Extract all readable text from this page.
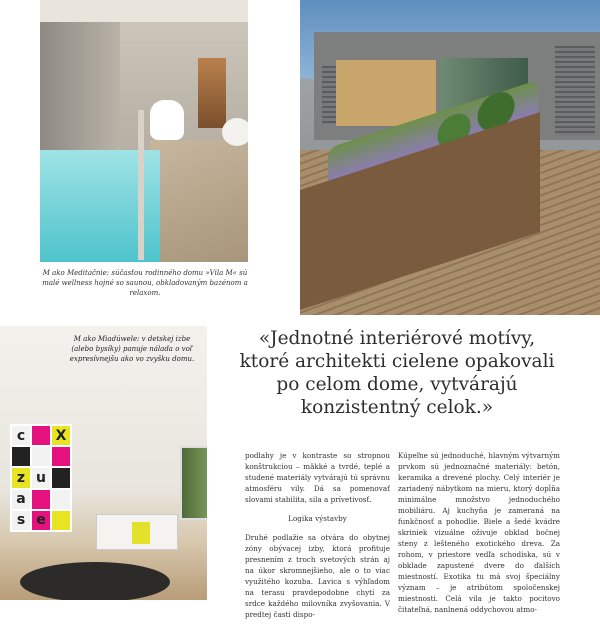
c	X
z u
a
s e
M ako Meditačnie: súčasťou rodinného domu »Vila M« sú malé wellness hojné so saunou, obkladovaným bazénom a relaxom.
M ako Miadúwele: v detskej izbe (alebo bysíky) panuje nálada o voľ expresívnejšu ako vo zvyšku domu.

«Jednotné interiérové motívy, ktoré architekti cielene opakovali po celom dome, vytvárajú konzistentný celok.»

podlahy je v kontraste so stropnou konštrukciou – mäkké a tvrdé, teplé a studené materiály vytvárajú tú správnu atmosféru vily. Dá sa pomenovať slovami stabilita, sila a prívetivosť.

Logika výstavby

Druhé podlažie sa otvára do obytnej zóny obývacej izby, ktorá profituje presnením z troch svetových strán aj na úkor skromnejšieho, ale o to viac využitého kozuba. Lavica s výhľadom na terasu pravdepodobne chytí za srdce každého milovníka zvyšovania. V predtej časti dispo-

Kúpeľne sú jednoduché, hlavným výtvarným prvkom sú jednoznačné materiály: betón, keramika a drevené plochy. Celý interiér je zariadený nábytkom na mieru, ktorý dopĺňa minimálne množstvo jednoduchého mobiliáru. Aj kuchyňa je zameraná na funkčnosť a pohodlie. Biele a šedé kvádre skriniek vizuálne oživuje obklad bočnej steny z lešteného exotického dreva. Za rohom, v priestore vedľa schodiska, sú v obklade zapustené dvere do ďalších miestností. Exotika tu má svoj špeciálny význam – je atribútom spoločenskej miestnosti. Celá vila je takto pocitovo čitateľná, nanlnená oddychovou atmo-
